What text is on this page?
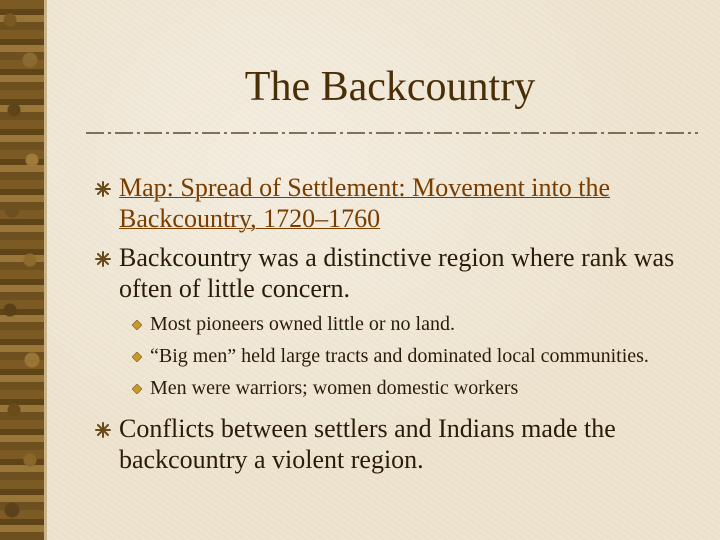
The Backcountry
Map: Spread of Settlement: Movement into the Backcountry, 1720–1760
Backcountry was a distinctive region where rank was often of little concern.
Most pioneers owned little or no land.
“Big men” held large tracts and dominated local communities.
Men were warriors; women domestic workers
Conflicts between settlers and Indians made the backcountry a violent region.
